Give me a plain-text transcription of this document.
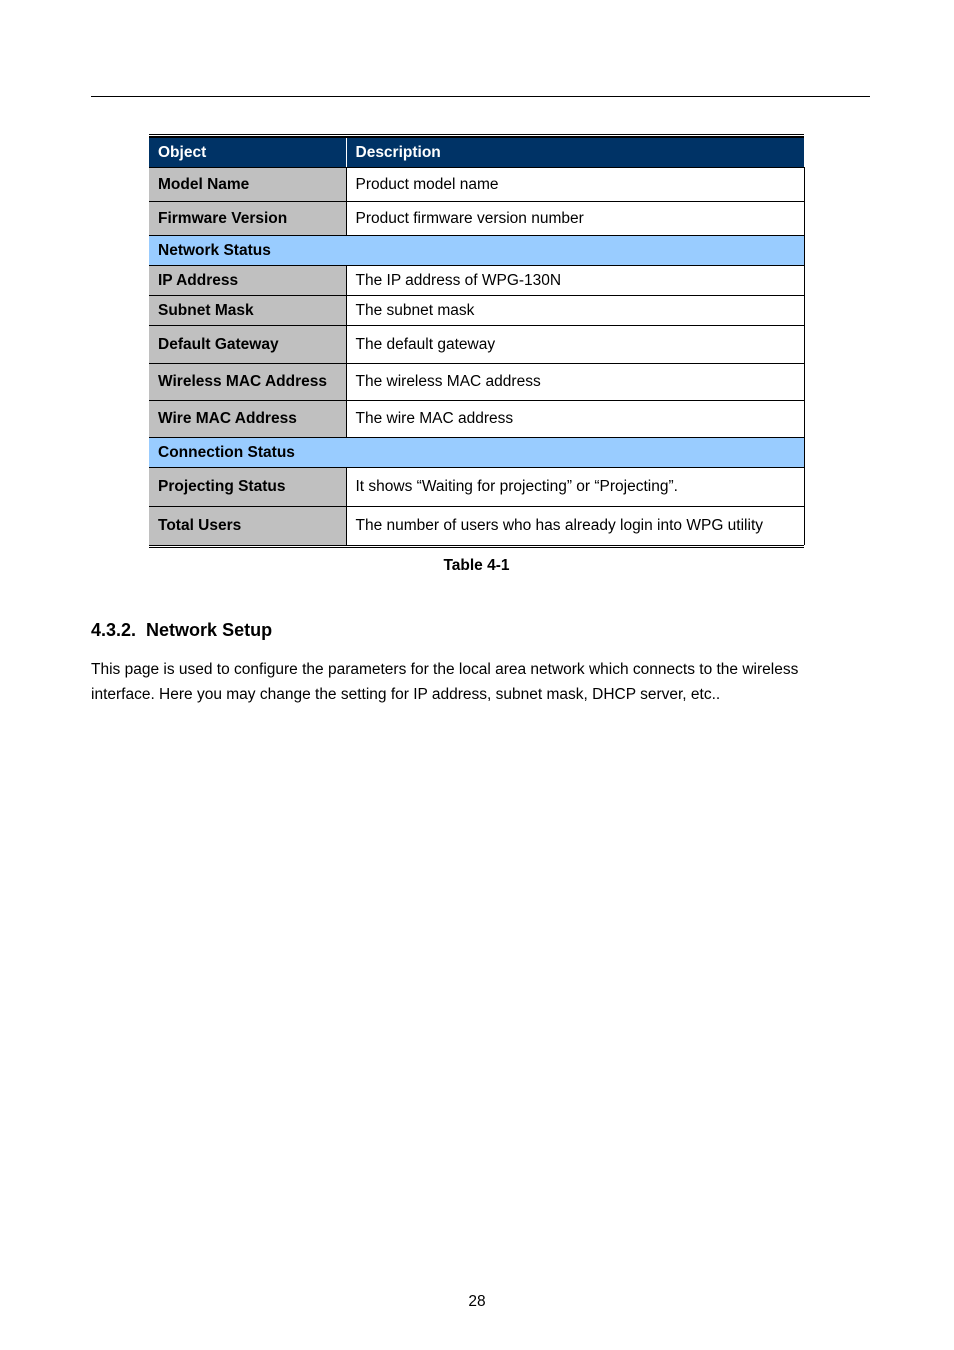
Object	Description
Model Name	Product model name
Firmware Version	Product firmware version number
Network Status	
IP Address	The IP address of WPG-130N
Subnet Mask	The subnet mask
Default Gateway	The default gateway
Wireless MAC Address	The wireless MAC address
Wire MAC Address	The wire MAC address
Connection Status	
Projecting Status	It shows “Waiting for projecting” or “Projecting”.
Total Users	The number of users who has already login into WPG utility
Table 4-1
4.3.2. Network Setup

This page is used to configure the parameters for the local area network which connects to the wireless interface. Here you may change the setting for IP address, subnet mask, DHCP server, etc..

28
